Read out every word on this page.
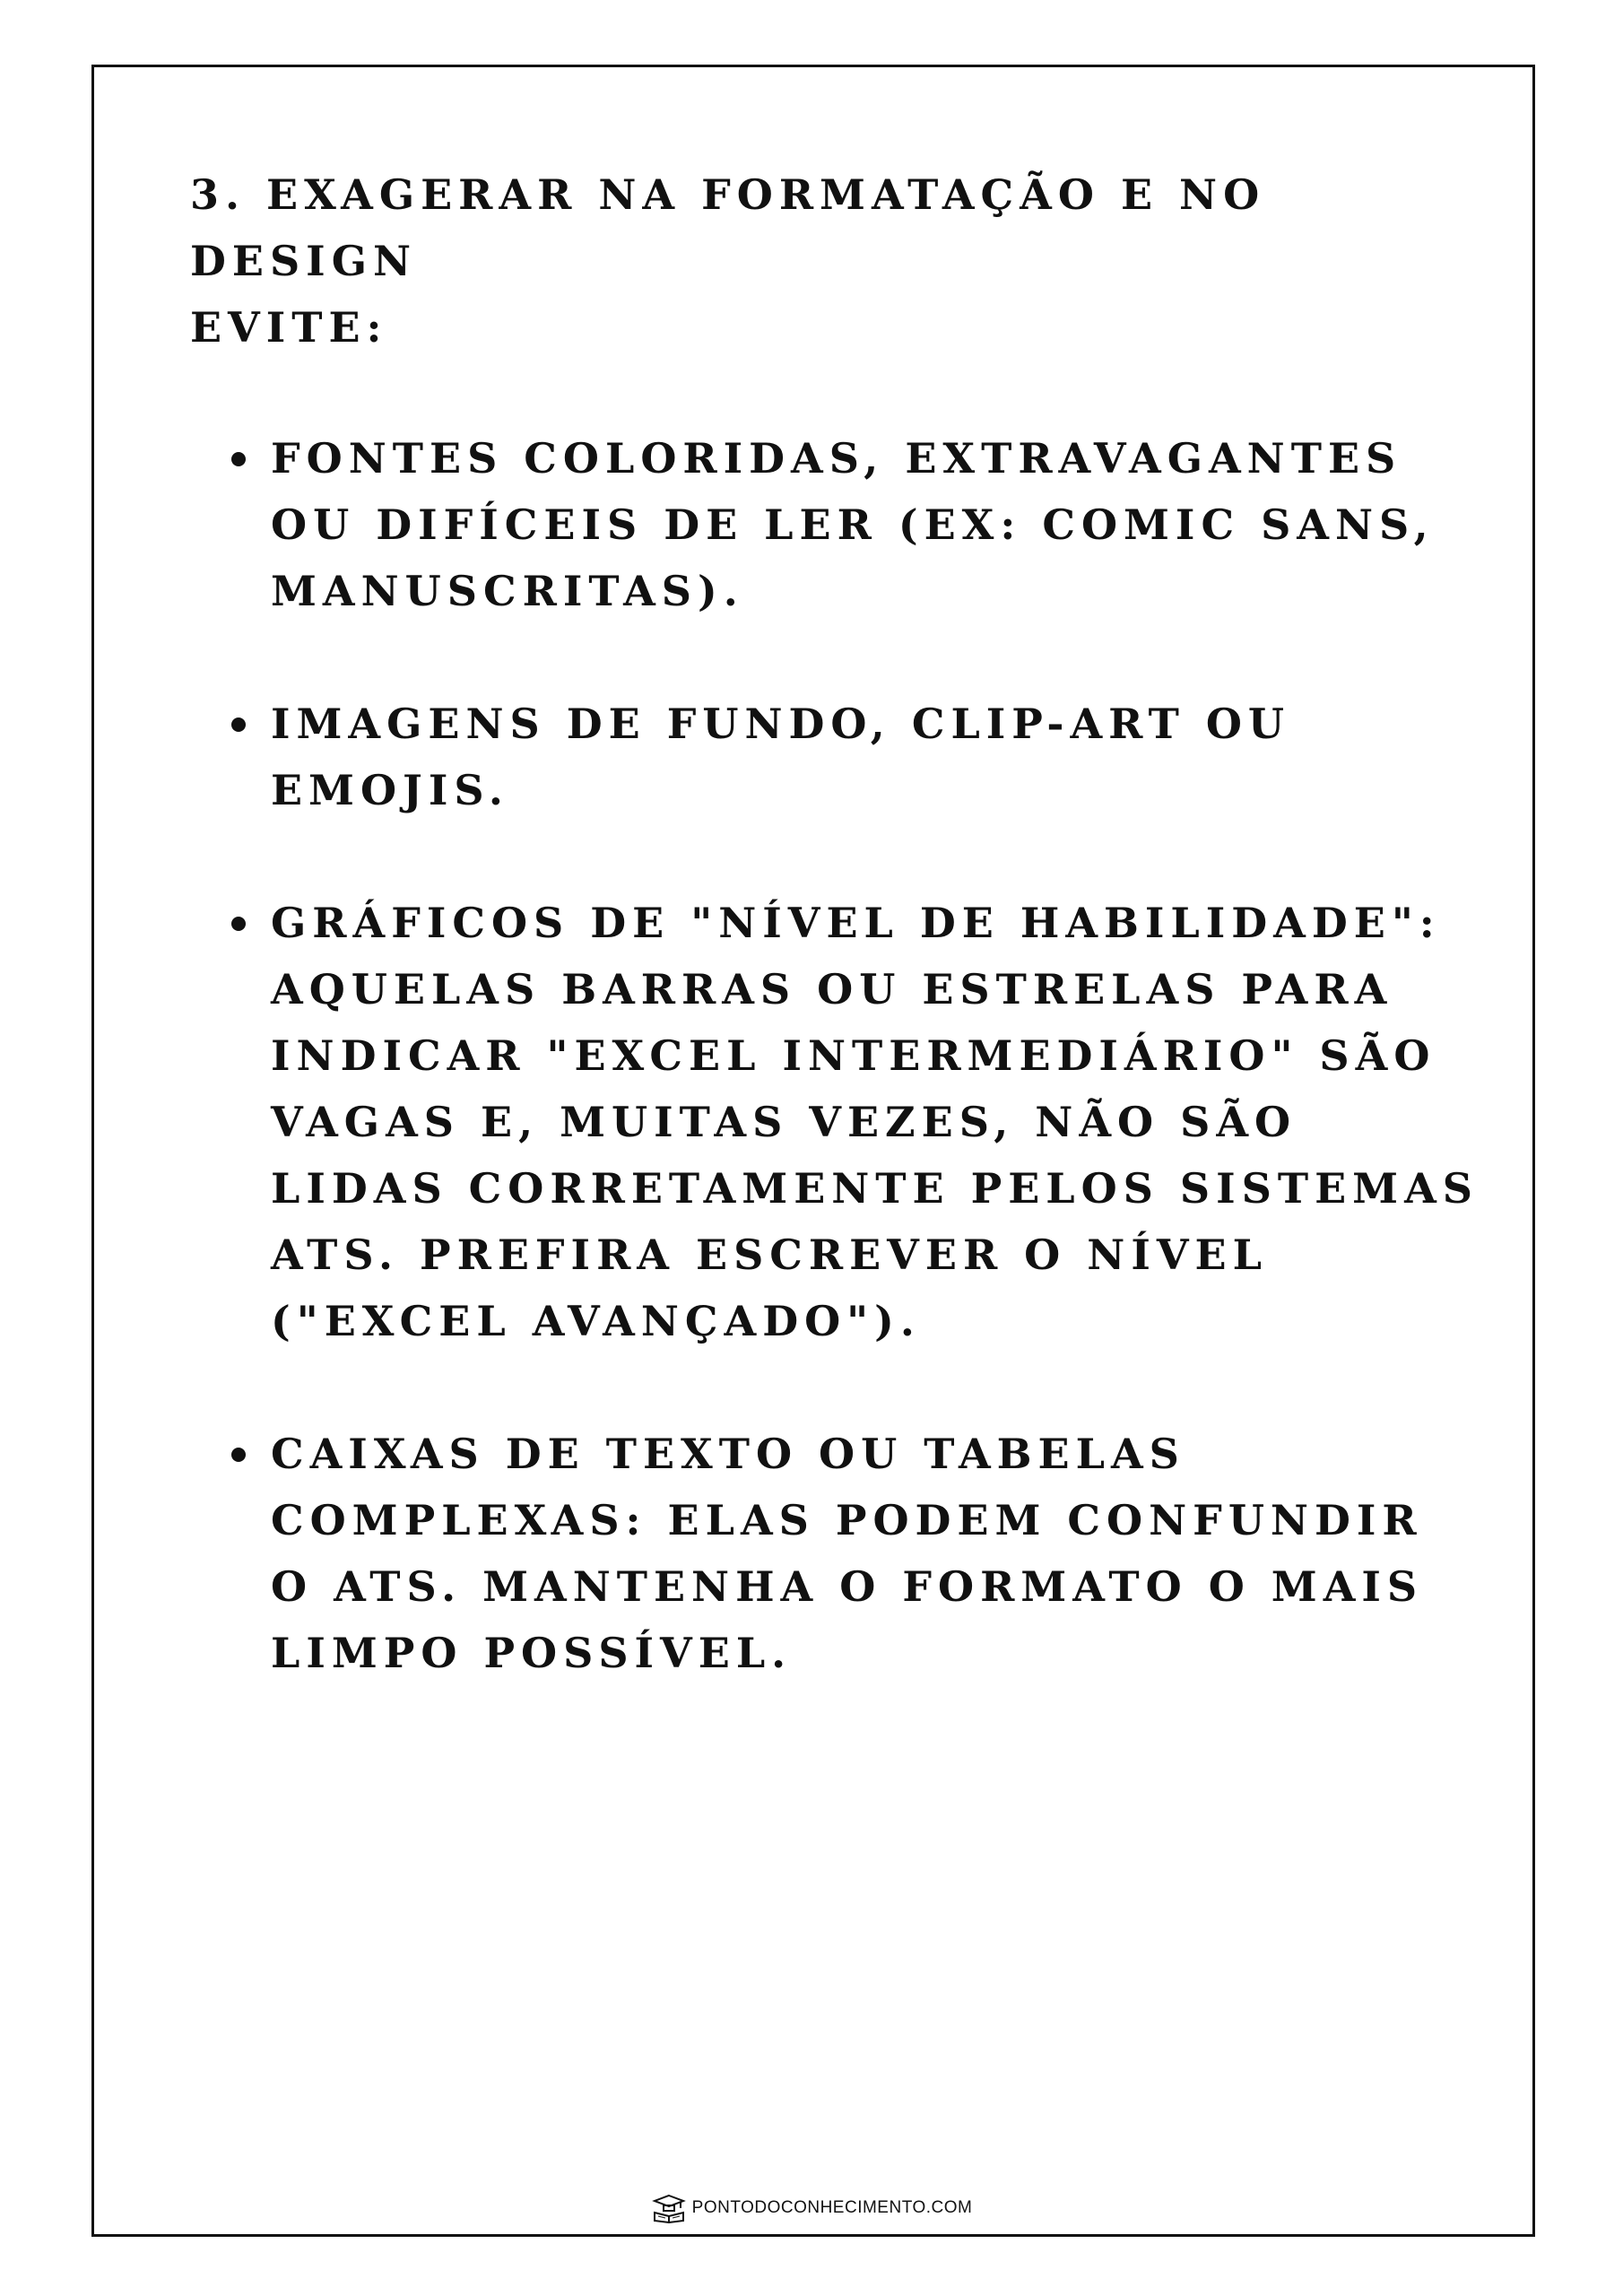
3. EXAGERAR NA FORMATAÇÃO E NO DESIGN
EVITE:
FONTES COLORIDAS, EXTRAVAGANTES OU DIFÍCEIS DE LER (EX: COMIC SANS, MANUSCRITAS).
IMAGENS DE FUNDO, CLIP-ART OU EMOJIS.
GRÁFICOS DE "NÍVEL DE HABILIDADE": AQUELAS BARRAS OU ESTRELAS PARA INDICAR "EXCEL INTERMEDIÁRIO" SÃO VAGAS E, MUITAS VEZES, NÃO SÃO LIDAS CORRETAMENTE PELOS SISTEMAS ATS. PREFIRA ESCREVER O NÍVEL ("EXCEL AVANÇADO").
CAIXAS DE TEXTO OU TABELAS COMPLEXAS: ELAS PODEM CONFUNDIR O ATS. MANTENHA O FORMATO O MAIS LIMPO POSSÍVEL.
PONTODOCONHECIMENTO.COM
